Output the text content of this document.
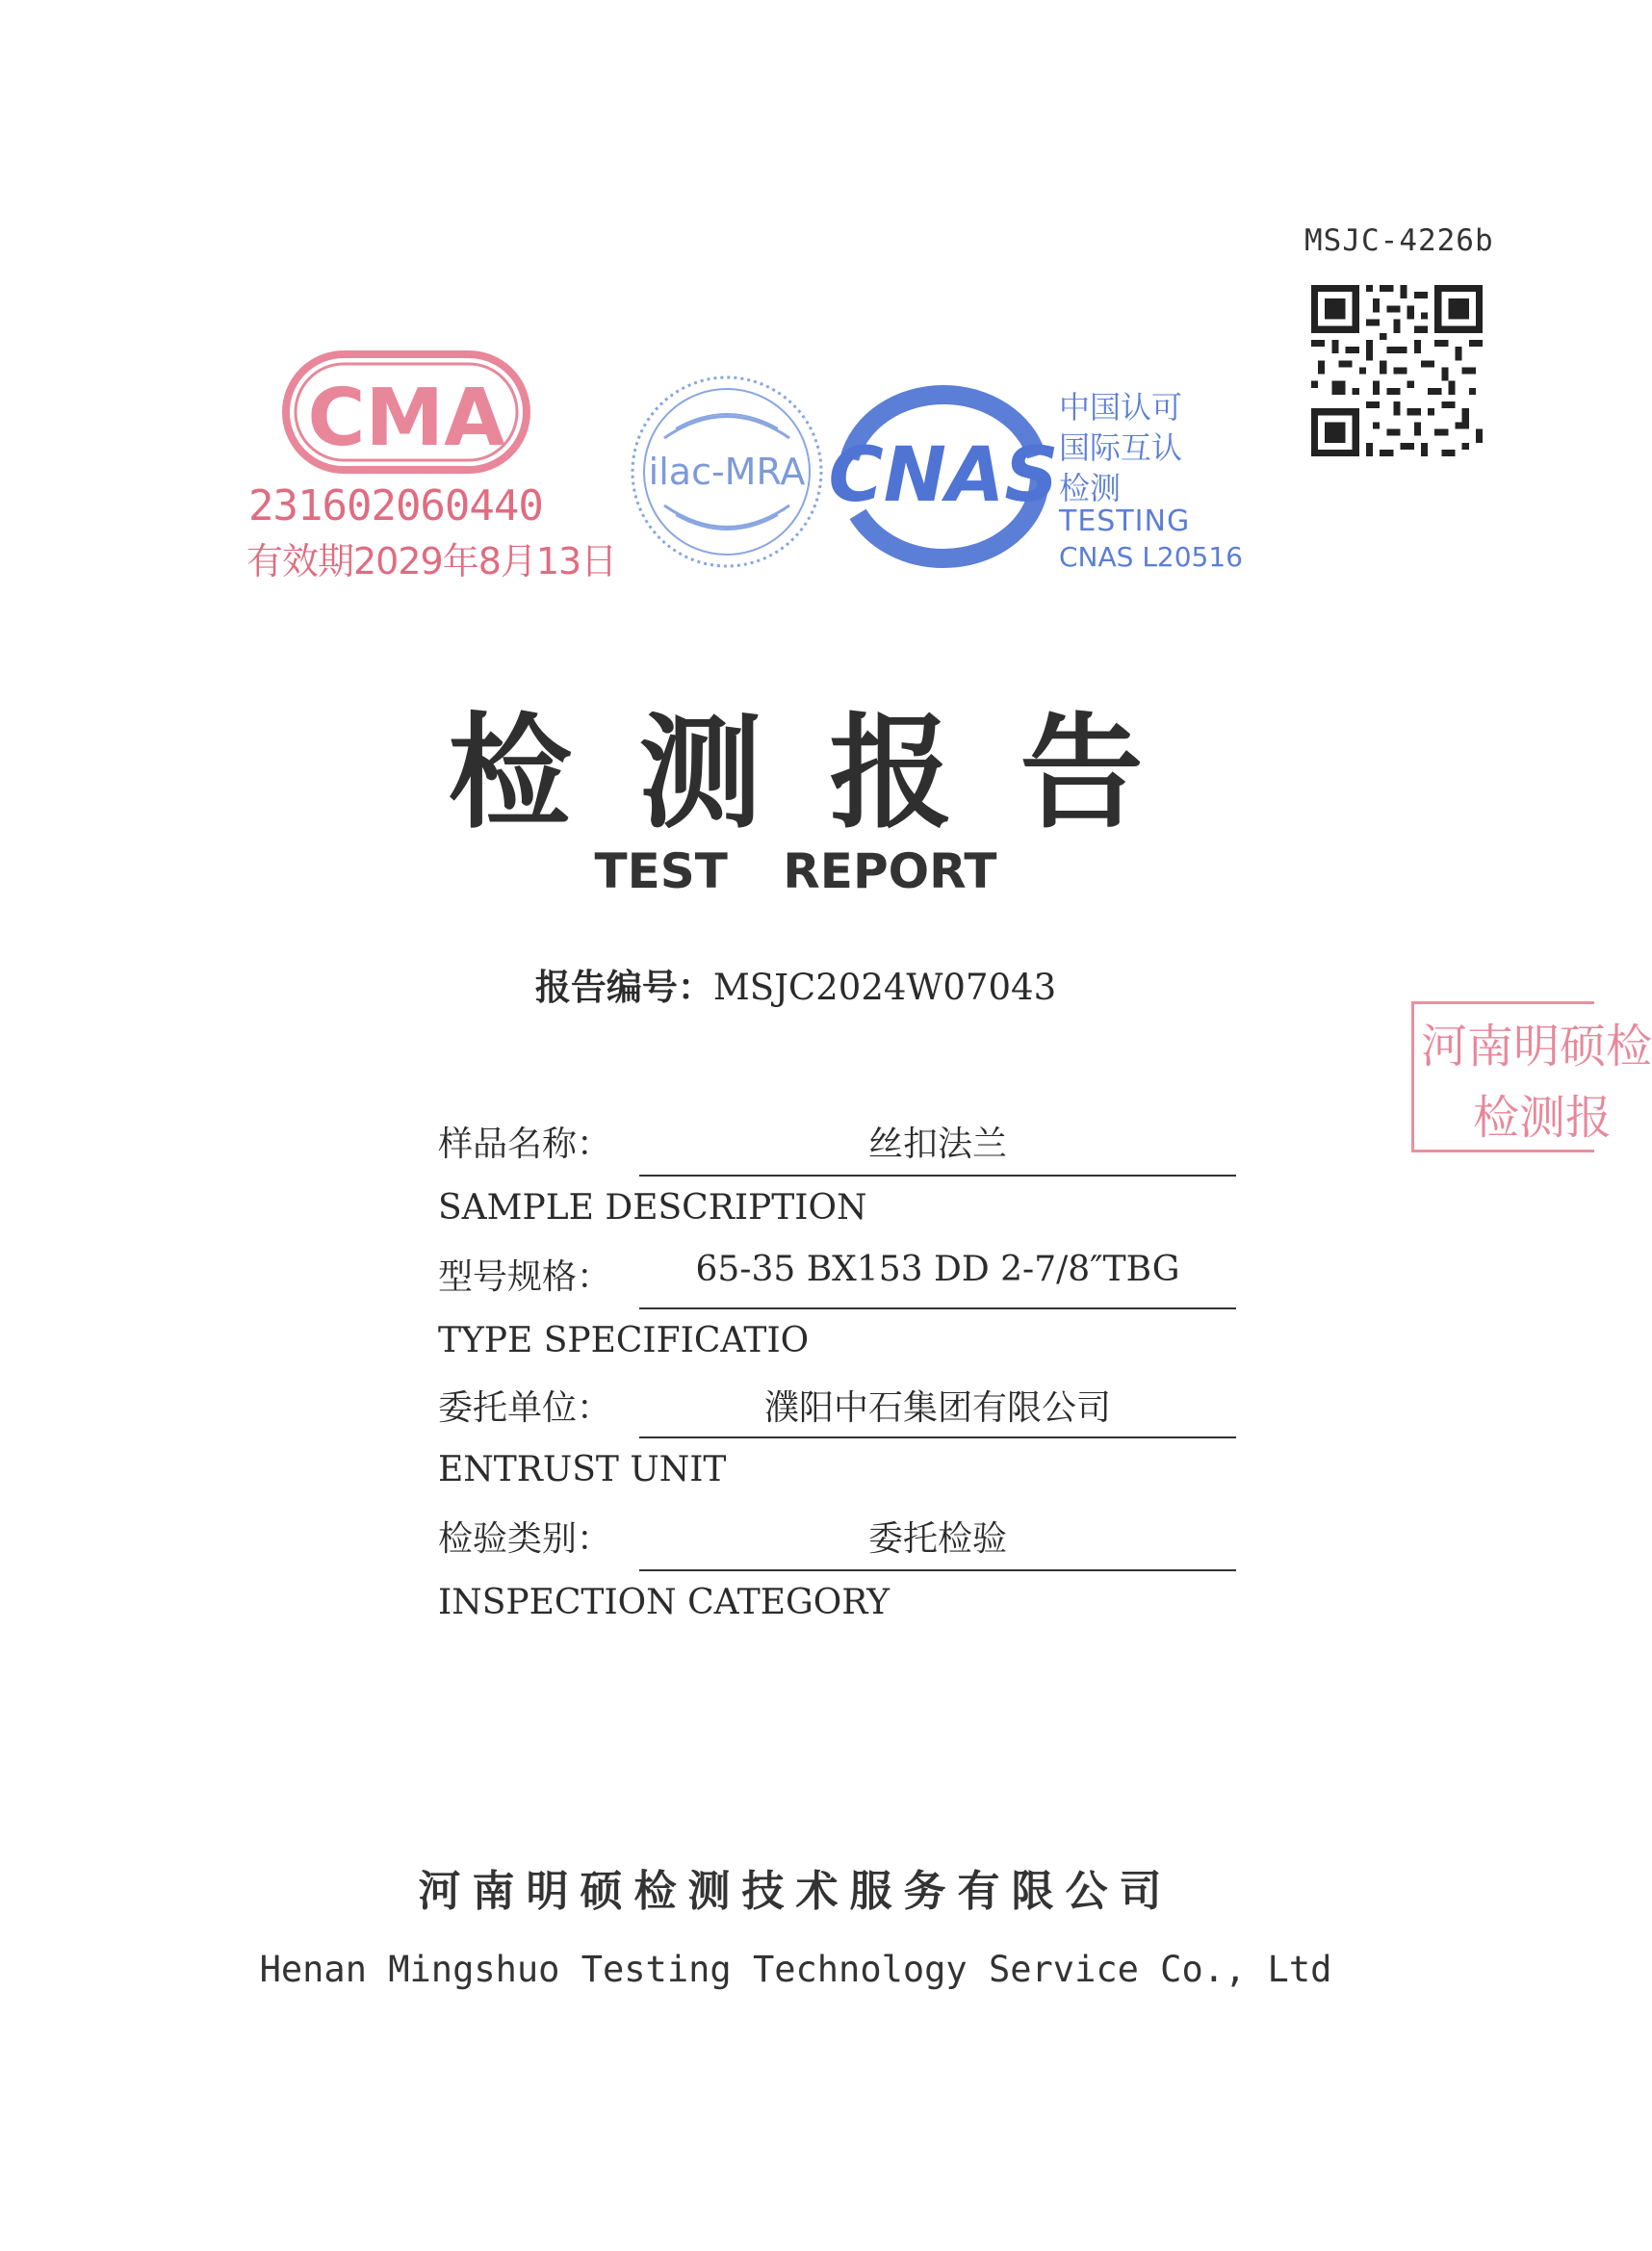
MSJC-4226b
CMA
231602060440
有效期2029年8月13日
ilac-MRA CNAS
中国认可
国际互认
检测
TESTING
CNAS L20516
检测报告
TEST REPORT
报告编号：MSJC2024W07043
河南明硕检
检测报
样品名称：	丝扣法兰
SAMPLE DESCRIPTION
型号规格：	65-35 BX153 DD 2-7/8″TBG
TYPE SPECIFICATIO
委托单位：	濮阳中石集团有限公司
ENTRUST UNIT
检验类别：	委托检验
INSPECTION CATEGORY
河南明硕检测技术服务有限公司
Henan Mingshuo Testing Technology Service Co., Ltd
